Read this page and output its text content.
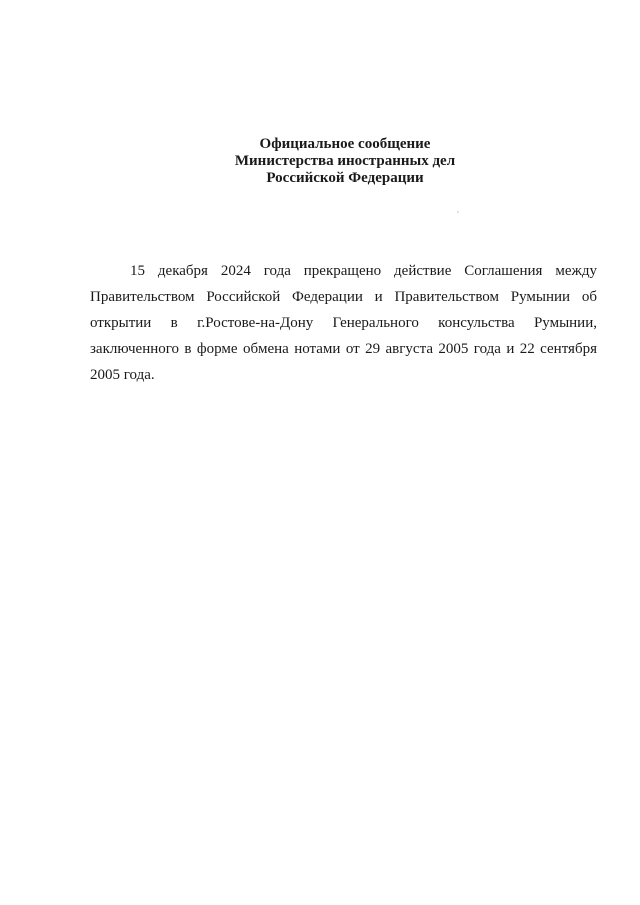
Официальное сообщение
Министерства иностранных дел
Российской Федерации

15 декабря 2024 года прекращено действие Соглашения между Правительством Российской Федерации и Правительством Румынии об открытии в г.Ростове-на-Дону Генерального консульства Румынии, заключенного в форме обмена нотами от 29 августа 2005 года и 22 сентября 2005 года.
